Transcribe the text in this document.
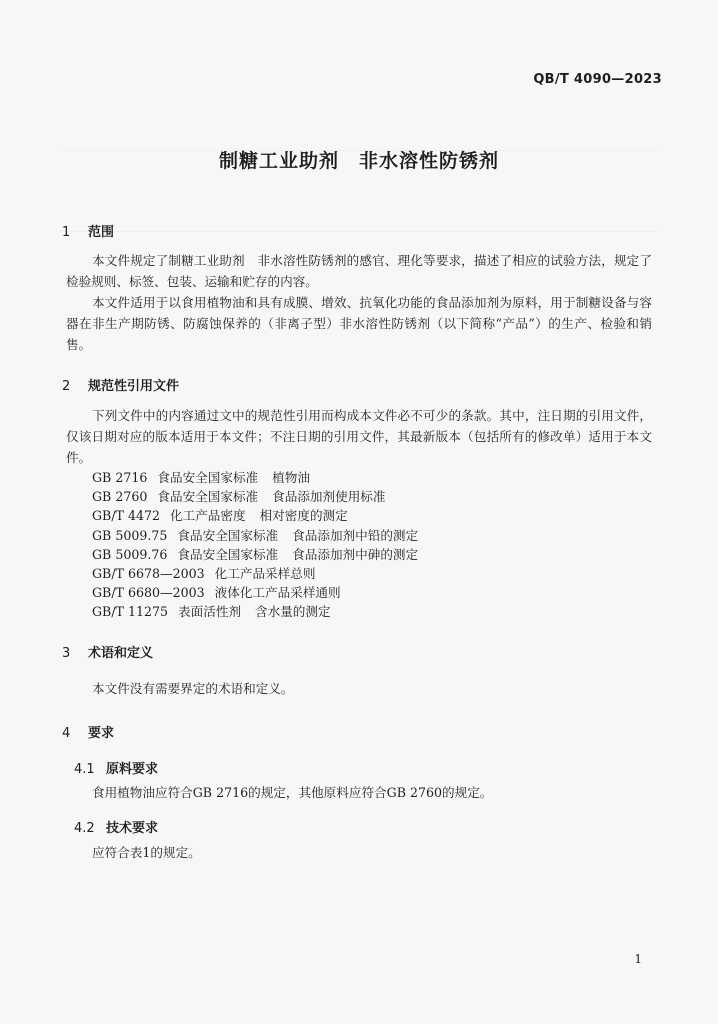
QB/T 4090—2023
制糖工业助剂　非水溶性防锈剂
1 范围

本文件规定了制糖工业助剂　非水溶性防锈剂的感官、理化等要求，描述了相应的试验方法，规定了检验规则、标签、包装、运输和贮存的内容。

本文件适用于以食用植物油和具有成膜、增效、抗氧化功能的食品添加剂为原料，用于制糖设备与容器在非生产期防锈、防腐蚀保养的（非离子型）非水溶性防锈剂（以下简称“产品”）的生产、检验和销售。

2 规范性引用文件

下列文件中的内容通过文中的规范性引用而构成本文件必不可少的条款。其中，注日期的引用文件，仅该日期对应的版本适用于本文件；不注日期的引用文件，其最新版本（包括所有的修改单）适用于本文件。

GB 2716 食品安全国家标准 植物油
GB 2760 食品安全国家标准 食品添加剂使用标准
GB/T 4472 化工产品密度 相对密度的测定
GB 5009.75 食品安全国家标准 食品添加剂中铅的测定
GB 5009.76 食品安全国家标准 食品添加剂中砷的测定
GB/T 6678—2003 化工产品采样总则
GB/T 6680—2003 液体化工产品采样通则
GB/T 11275 表面活性剂 含水量的测定
3 术语和定义

本文件没有需要界定的术语和定义。

4 要求
4.1 原料要求

食用植物油应符合GB 2716的规定，其他原料应符合GB 2760的规定。

4.2 技术要求

应符合表1的规定。

1
